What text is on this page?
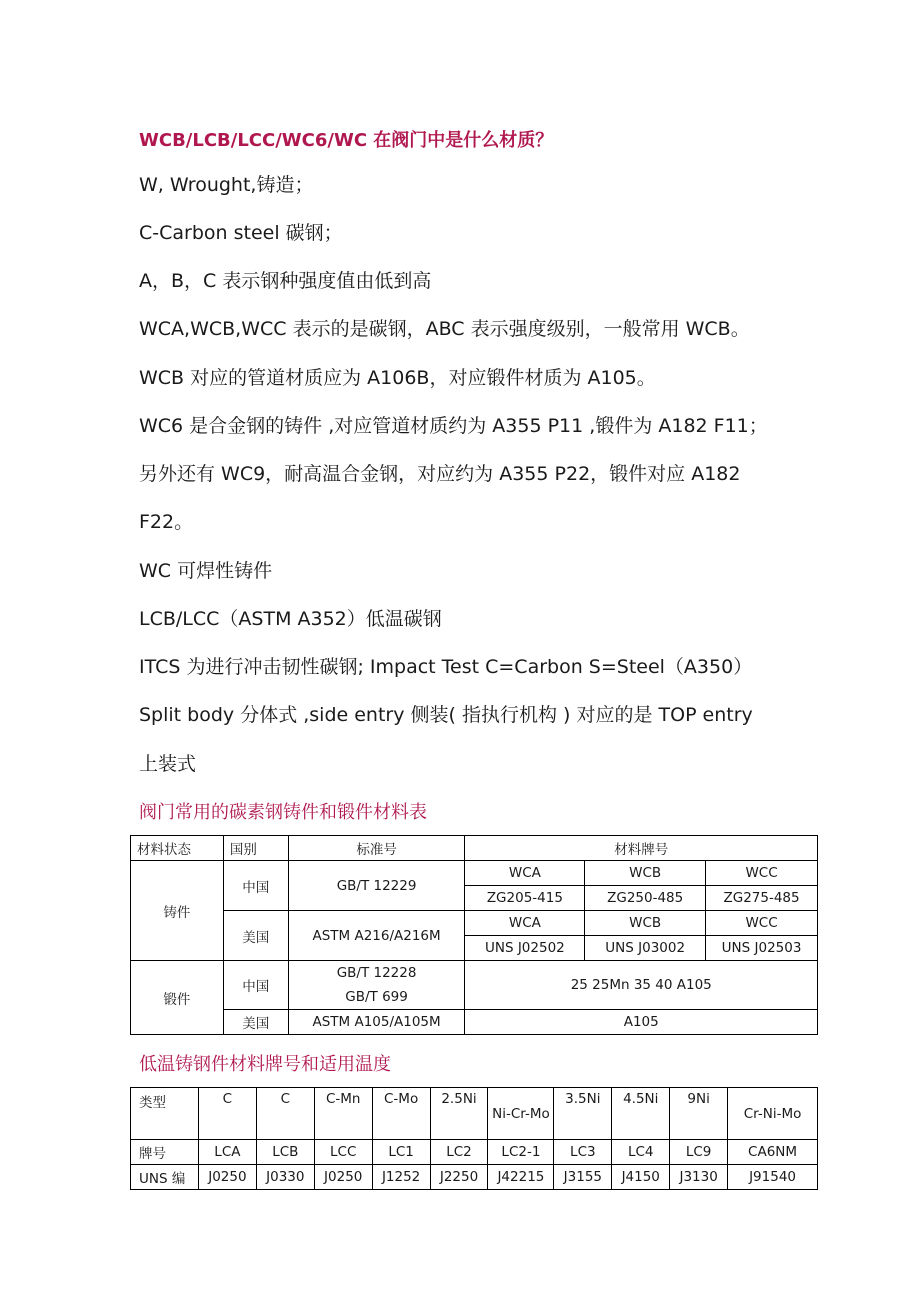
WCB/LCB/LCC/WC6/WC 在阀门中是什么材质？
W, Wrought,铸造；
C-Carbon steel 碳钢；
A，B，C 表示钢种强度值由低到高
WCA,WCB,WCC 表示的是碳钢，ABC 表示强度级别，一般常用 WCB。
WCB 对应的管道材质应为 A106B，对应锻件材质为 A105。
WC6 是合金钢的铸件 ,对应管道材质约为 A355 P11 ,锻件为 A182 F11；
另外还有 WC9，耐高温合金钢，对应约为 A355 P22，锻件对应 A182
F22。
WC 可焊性铸件
LCB/LCC（ASTM A352）低温碳钢
ITCS 为进行冲击韧性碳钢; Impact Test C=Carbon S=Steel（A350）
Split body 分体式 ,side entry 侧装( 指执行机构 ) 对应的是 TOP entry
上装式
阀门常用的碳素钢铸件和锻件材料表
材料状态	国别	标准号	材料牌号		
铸件	中国	GB/T 12229	WCA	WCB	WCC
			ZG205-415	ZG250-485	ZG275-485
	美国	ASTM A216/A216M	WCA	WCB	WCC
			UNS J02502	UNS J03002	UNS J02503
锻件	中国	GB/T 12228
GB/T 699	25 25Mn 35 40 A105		
	美国	ASTM A105/A105M	A105		
低温铸钢件材料牌号和适用温度
类型	C	C	C-Mn	C-Mo	2.5Ni	Ni-Cr-Mo	3.5Ni	4.5Ni	9Ni	Cr-Ni-Mo
牌号	LCA	LCB	LCC	LC1	LC2	LC2-1	LC3	LC4	LC9	CA6NM
UNS 编	J0250	J0330	J0250	J1252	J2250	J42215	J3155	J4150	J3130	J91540
